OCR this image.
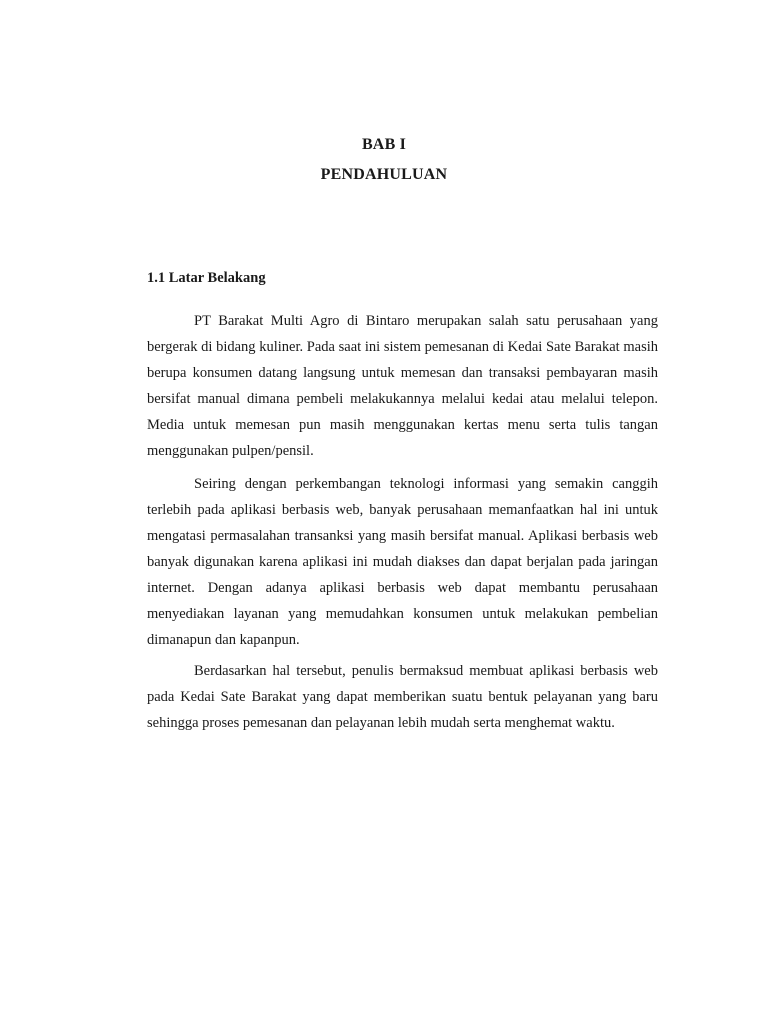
BAB I
PENDAHULUAN
1.1 Latar Belakang

PT Barakat Multi Agro di Bintaro merupakan salah satu perusahaan yang bergerak di bidang kuliner. Pada saat ini sistem pemesanan di Kedai Sate Barakat masih berupa konsumen datang langsung untuk memesan dan transaksi pembayaran masih bersifat manual dimana pembeli melakukannya melalui kedai atau melalui telepon. Media untuk memesan pun masih menggunakan kertas menu serta tulis tangan menggunakan pulpen/pensil.

Seiring dengan perkembangan teknologi informasi yang semakin canggih terlebih pada aplikasi berbasis web, banyak perusahaan memanfaatkan hal ini untuk mengatasi permasalahan transanksi yang masih bersifat manual. Aplikasi berbasis web banyak digunakan karena aplikasi ini mudah diakses dan dapat berjalan pada jaringan internet. Dengan adanya aplikasi berbasis web dapat membantu perusahaan menyediakan layanan yang memudahkan konsumen untuk melakukan pembelian dimanapun dan kapanpun.

Berdasarkan hal tersebut, penulis bermaksud membuat aplikasi berbasis web pada Kedai Sate Barakat yang dapat memberikan suatu bentuk pelayanan yang baru sehingga proses pemesanan dan pelayanan lebih mudah serta menghemat waktu.
